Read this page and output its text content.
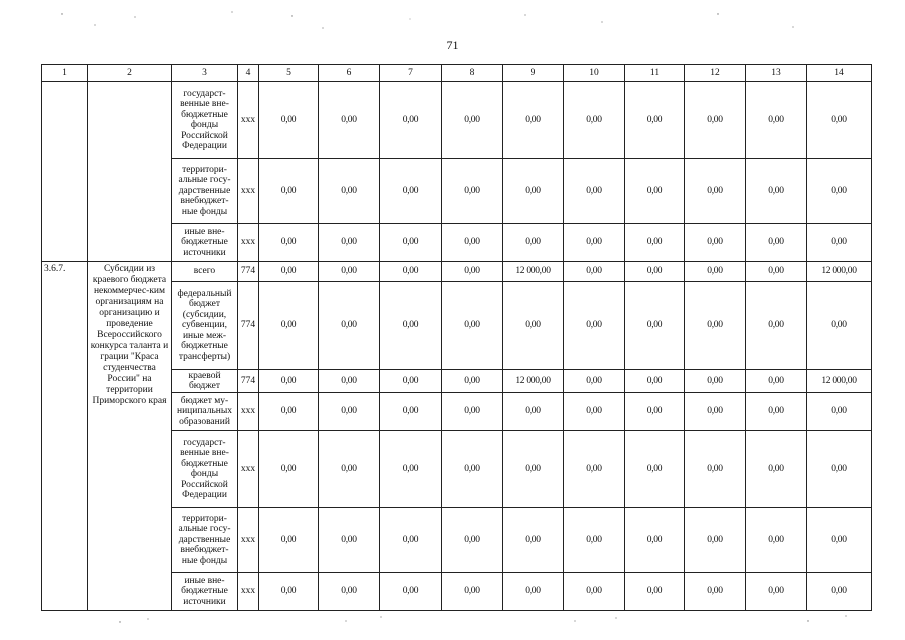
71
1	2	3	4	5	6	7	8	9	10	11	12	13	14
		государст-венные вне-бюджетные фонды Российской Федерации	ххх	0,00	0,00	0,00	0,00	0,00	0,00	0,00	0,00	0,00	0,00
		территори-альные госу-дарственные внебюджет-ные фонды	ххх	0,00	0,00	0,00	0,00	0,00	0,00	0,00	0,00	0,00	0,00
		иные вне-бюджетные источники	ххх	0,00	0,00	0,00	0,00	0,00	0,00	0,00	0,00	0,00	0,00
3.6.7.	Субсидии из краевого бюджета некоммерчес-ким организациям на организацию и проведение Всероссийского конкурса таланта и грации "Краса студенчества России" на территории Приморского края	всего	774	0,00	0,00	0,00	0,00	12 000,00	0,00	0,00	0,00	0,00	12 000,00
		федеральный бюджет (субсидии, субвенции, иные меж-бюджетные трансферты)	774	0,00	0,00	0,00	0,00	0,00	0,00	0,00	0,00	0,00	0,00
		краевой бюджет	774	0,00	0,00	0,00	0,00	12 000,00	0,00	0,00	0,00	0,00	12 000,00
		бюджет му-ниципальных образований	ххх	0,00	0,00	0,00	0,00	0,00	0,00	0,00	0,00	0,00	0,00
		государст-венные вне-бюджетные фонды Российской Федерации	ххх	0,00	0,00	0,00	0,00	0,00	0,00	0,00	0,00	0,00	0,00
		территори-альные госу-дарственные внебюджет-ные фонды	ххх	0,00	0,00	0,00	0,00	0,00	0,00	0,00	0,00	0,00	0,00
		иные вне-бюджетные источники	ххх	0,00	0,00	0,00	0,00	0,00	0,00	0,00	0,00	0,00	0,00
